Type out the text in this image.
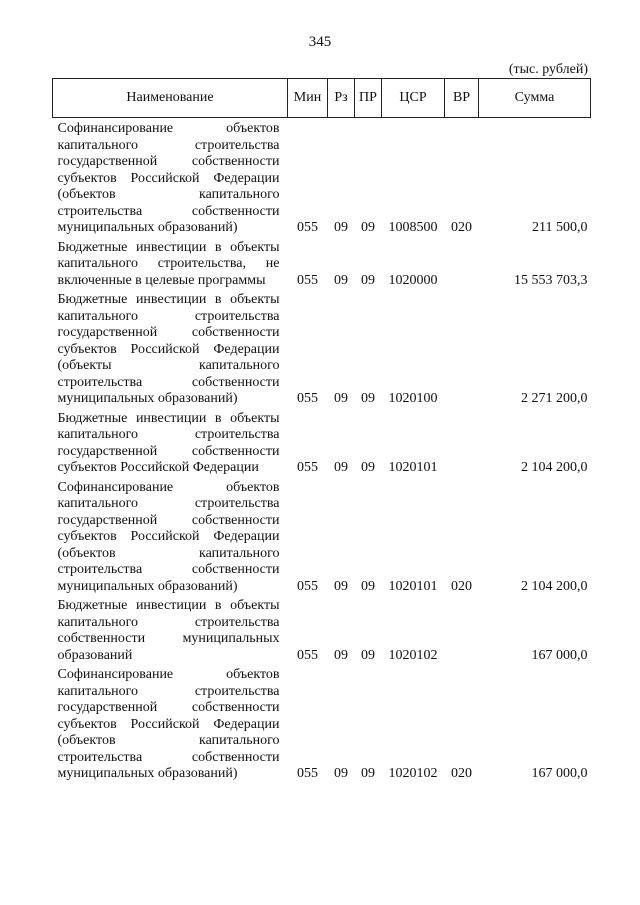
345
(тыс. рублей)
Наименование	Мин	Рз	ПР	ЦСР	ВР	Сумма
Софинансирование объектов капитального строительства государственной собственности субъектов Российской Федерации (объектов капитального строительства собственности муниципальных образований)	055	09	09	1008500	020	211 500,0
Бюджетные инвестиции в объекты капитального строительства, не включенные в целевые программы	055	09	09	1020000		15 553 703,3
Бюджетные инвестиции в объекты капитального строительства государственной собственности субъектов Российской Федерации (объекты капитального строительства собственности муниципальных образований)	055	09	09	1020100		2 271 200,0
Бюджетные инвестиции в объекты капитального строительства государственной собственности субъектов Российской Федерации	055	09	09	1020101		2 104 200,0
Софинансирование объектов капитального строительства государственной собственности субъектов Российской Федерации (объектов капитального строительства собственности муниципальных образований)	055	09	09	1020101	020	2 104 200,0
Бюджетные инвестиции в объекты капитального строительства собственности муниципальных образований	055	09	09	1020102		167 000,0
Софинансирование объектов капитального строительства государственной собственности субъектов Российской Федерации (объектов капитального строительства собственности муниципальных образований)	055	09	09	1020102	020	167 000,0
